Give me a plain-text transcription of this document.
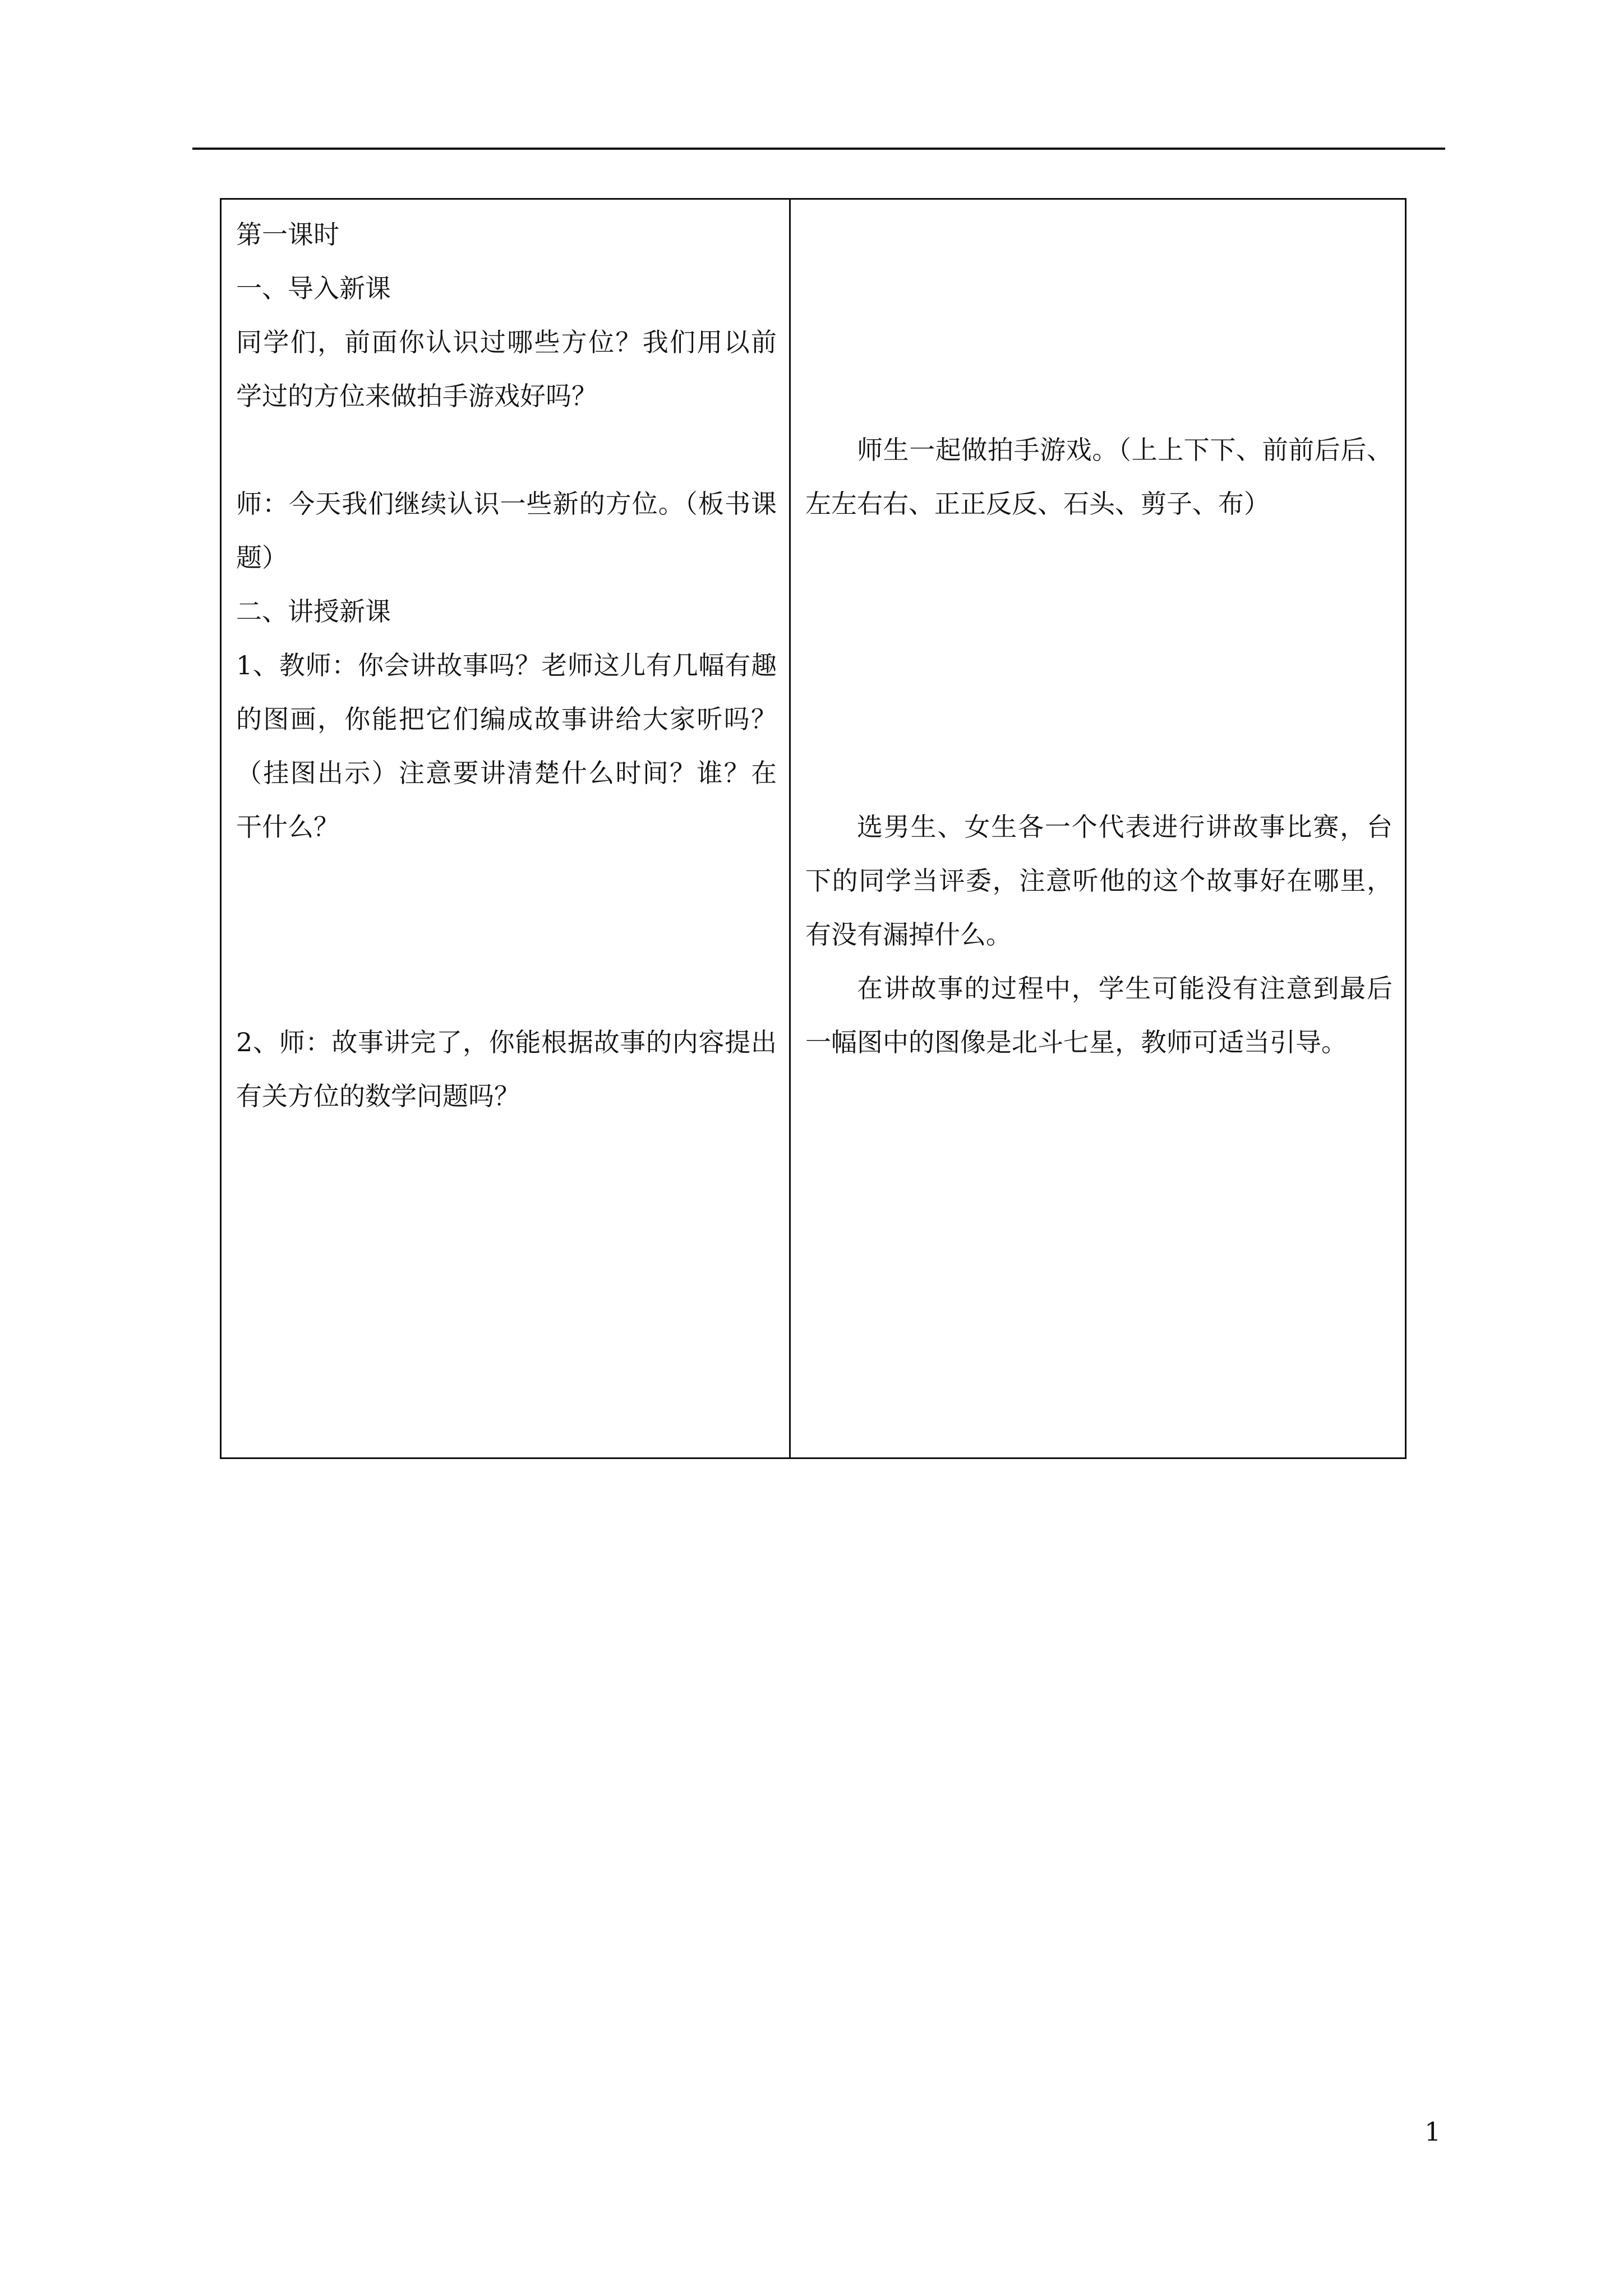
第一课时

一、导入新课

同学们，前面你认识过哪些方位？我们用以前学过的方位来做拍手游戏好吗？

师：今天我们继续认识一些新的方位。（板书课题）

二、讲授新课

1、教师：你会讲故事吗？老师这儿有几幅有趣的图画，你能把它们编成故事讲给大家听吗？（挂图出示）注意要讲清楚什么时间？谁？在干什么？

2、师：故事讲完了，你能根据故事的内容提出有关方位的数学问题吗？

师生一起做拍手游戏。（上上下下、前前后后、左左右右、正正反反、石头、剪子、布）

选男生、女生各一个代表进行讲故事比赛，台下的同学当评委，注意听他的这个故事好在哪里，有没有漏掉什么。

在讲故事的过程中，学生可能没有注意到最后一幅图中的图像是北斗七星，教师可适当引导。

1
